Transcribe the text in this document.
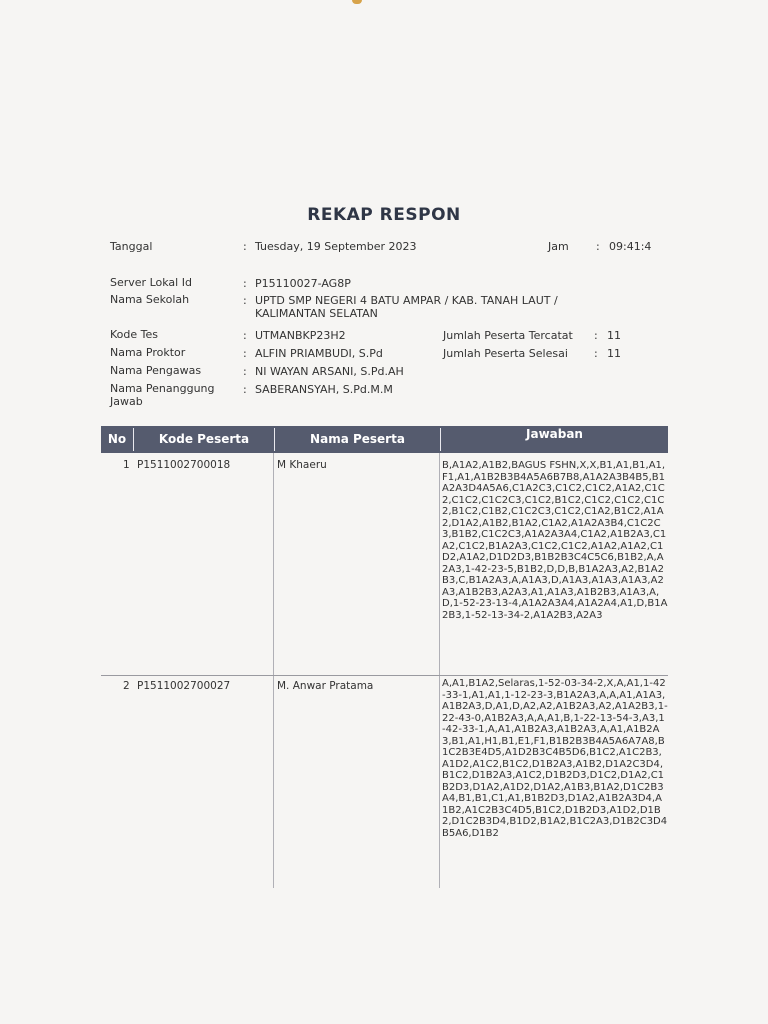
REKAP RESPON
Tanggal	: Tuesday, 19 September 2023	Jam : 09:41:4
Server Lokal Id	: P15110027-AG8P
Nama Sekolah	: UPTD SMP NEGERI 4 BATU AMPAR / KAB. TANAH LAUT / KALIMANTAN SELATAN
Kode Tes	: UTMANBKP23H2	Jumlah Peserta Tercatat : 11
Nama Proktor	: ALFIN PRIAMBUDI, S.Pd	Jumlah Peserta Selesai : 11
Nama Pengawas	: NI WAYAN ARSANI, S.Pd.AH
Nama Penanggung Jawab
: SABERANSYAH, S.Pd.M.M
No	Kode Peserta	Nama Peserta	Jawaban
1 P1511002700018	M Khaeru	B,A1A2,A1B2,BAGUS FSHN,X,X,B1,A1,B1,A1,F1,A1,A1B2B3B4A5A6B7B8,A1A2A3B4B5,B1A2A3D4A5A6,C1A2C3,C1C2,C1C2,A1A2,C1C2,C1C2,C1C2C3,C1C2,B1C2,C1C2,C1C2,C1C2,B1C2,C1B2,C1C2C3,C1C2,C1A2,B1C2,A1A2,D1A2,A1B2,B1A2,C1A2,A1A2A3B4,C1C2C3,B1B2,C1C2C3,A1A2A3A4,C1A2,A1B2A3,C1A2,C1C2,B1A2A3,C1C2,C1C2,A1A2,A1A2,C1D2,A1A2,D1D2D3,B1B2B3C4C5C6,B1B2,A,A2A3,1-42-23-5,B1B2,D,D,B,B1A2A3,A2,B1A2B3,C,B1A2A3,A,A1A3,D,A1A3,A1A3,A1A3,A2A3,A1B2B3,A2A3,A1,A1A3,A1B2B3,A1A3,A,D,1-52-23-13-4,A1A2A3A4,A1A2A4,A1,D,B1A2B3,1-52-13-34-2,A1A2B3,A2A3
2 P1511002700027	M. Anwar Pratama	A,A1,B1A2,Selaras,1-52-03-34-2,X,A,A1,1-42-33-1,A1,A1,1-12-23-3,B1A2A3,A,A,A1,A1A3,A1B2A3,D,A1,D,A2,A2,A1B2A3,A2,A1A2B3,1-22-43-0,A1B2A3,A,A,A1,B,1-22-13-54-3,A3,1-42-33-1,A,A1,A1B2A3,A1B2A3,A,A1,A1B2A3,B1,A1,H1,B1,E1,F1,B1B2B3B4A5A6A7A8,B1C2B3E4D5,A1D2B3C4B5D6,B1C2,A1C2B3,A1D2,A1C2,B1C2,D1B2A3,A1B2,D1A2C3D4,B1C2,D1B2A3,A1C2,D1B2D3,D1C2,D1A2,C1B2D3,D1A2,A1D2,D1A2,A1B3,B1A2,D1C2B3A4,B1,B1,C1,A1,B1B2D3,D1A2,A1B2A3D4,A1B2,A1C2B3C4D5,B1C2,D1B2D3,A1D2,D1B2,D1C2B3D4,B1D2,B1A2,B1C2A3,D1B2C3D4B5A6,D1B2
